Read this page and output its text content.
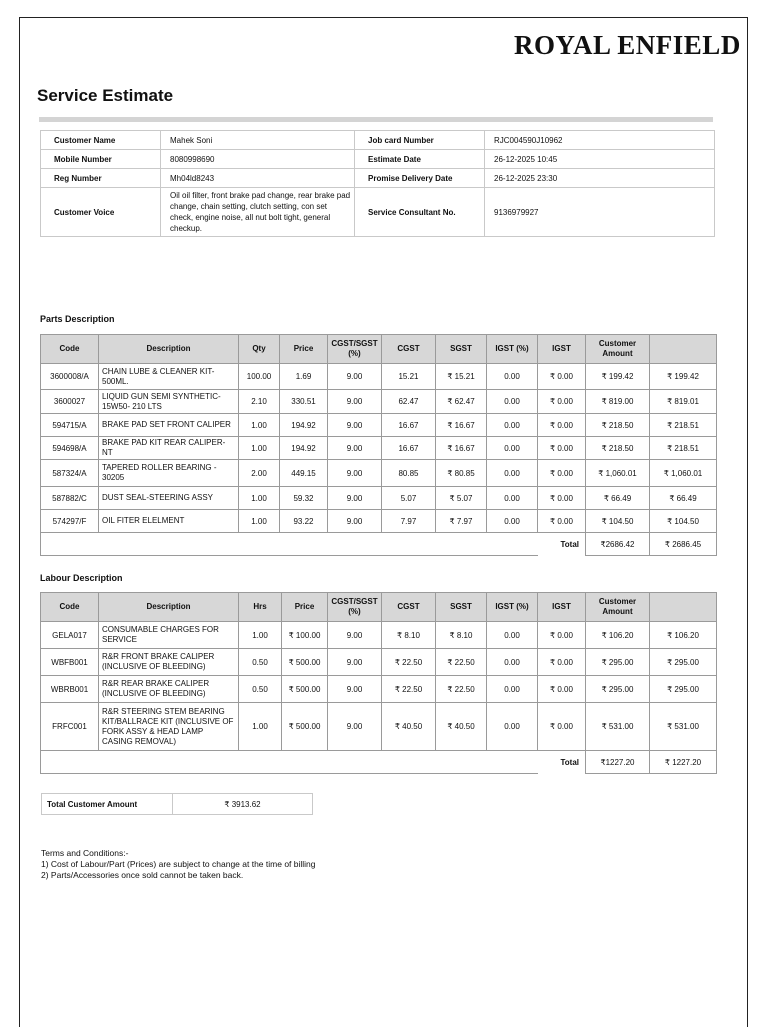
ROYAL ENFIELD
Service Estimate
Customer Name	Mahek Soni	Job card Number	RJC004590J10962
Mobile Number	8080998690	Estimate Date	26-12-2025 10:45
Reg Number	Mh04ld8243	Promise Delivery Date	26-12-2025 23:30
Customer Voice	Oil oil filter, front brake pad change, rear brake pad change, chain setting, clutch setting, con set check, engine noise, all nut bolt tight, general checkup.	Service Consultant No.	9136979927
Parts Description
Code	Description	Qty	Price	CGST/SGST (%)	CGST	SGST	IGST (%)	IGST	Customer Amount	
3600008/A	CHAIN LUBE & CLEANER KIT-500ML.	100.00	1.69	9.00	15.21	₹ 15.21	0.00	₹ 0.00	₹ 199.42	₹ 199.42
3600027	LIQUID GUN SEMI SYNTHETIC-15W50- 210 LTS	2.10	330.51	9.00	62.47	₹ 62.47	0.00	₹ 0.00	₹ 819.00	₹ 819.01
594715/A	BRAKE PAD SET FRONT CALIPER	1.00	194.92	9.00	16.67	₹ 16.67	0.00	₹ 0.00	₹ 218.50	₹ 218.51
594698/A	BRAKE PAD KIT REAR CALIPER-NT	1.00	194.92	9.00	16.67	₹ 16.67	0.00	₹ 0.00	₹ 218.50	₹ 218.51
587324/A	TAPERED ROLLER BEARING - 30205	2.00	449.15	9.00	80.85	₹ 80.85	0.00	₹ 0.00	₹ 1,060.01	₹ 1,060.01
587882/C	DUST SEAL-STEERING ASSY	1.00	59.32	9.00	5.07	₹ 5.07	0.00	₹ 0.00	₹ 66.49	₹ 66.49
574297/F	OIL FITER ELELMENT	1.00	93.22	9.00	7.97	₹ 7.97	0.00	₹ 0.00	₹ 104.50	₹ 104.50
								Total	₹2686.42	₹ 2686.45
Labour Description
Code	Description	Hrs	Price	CGST/SGST (%)	CGST	SGST	IGST (%)	IGST	Customer Amount	
GELA017	CONSUMABLE CHARGES FOR SERVICE	1.00	₹ 100.00	9.00	₹ 8.10	₹ 8.10	0.00	₹ 0.00	₹ 106.20	₹ 106.20
WBFB001	R&R FRONT BRAKE CALIPER (INCLUSIVE OF BLEEDING)	0.50	₹ 500.00	9.00	₹ 22.50	₹ 22.50	0.00	₹ 0.00	₹ 295.00	₹ 295.00
WBRB001	R&R REAR BRAKE CALIPER (INCLUSIVE OF BLEEDING)	0.50	₹ 500.00	9.00	₹ 22.50	₹ 22.50	0.00	₹ 0.00	₹ 295.00	₹ 295.00
FRFC001	R&R STEERING STEM BEARING KIT/BALLRACE KIT (INCLUSIVE OF FORK ASSY & HEAD LAMP CASING REMOVAL)	1.00	₹ 500.00	9.00	₹ 40.50	₹ 40.50	0.00	₹ 0.00	₹ 531.00	₹ 531.00
								Total	₹1227.20	₹ 1227.20
Total Customer Amount	₹ 3913.62
Terms and Conditions:-
1) Cost of Labour/Part (Prices) are subject to change at the time of billing
2) Parts/Accessories once sold cannot be taken back.
